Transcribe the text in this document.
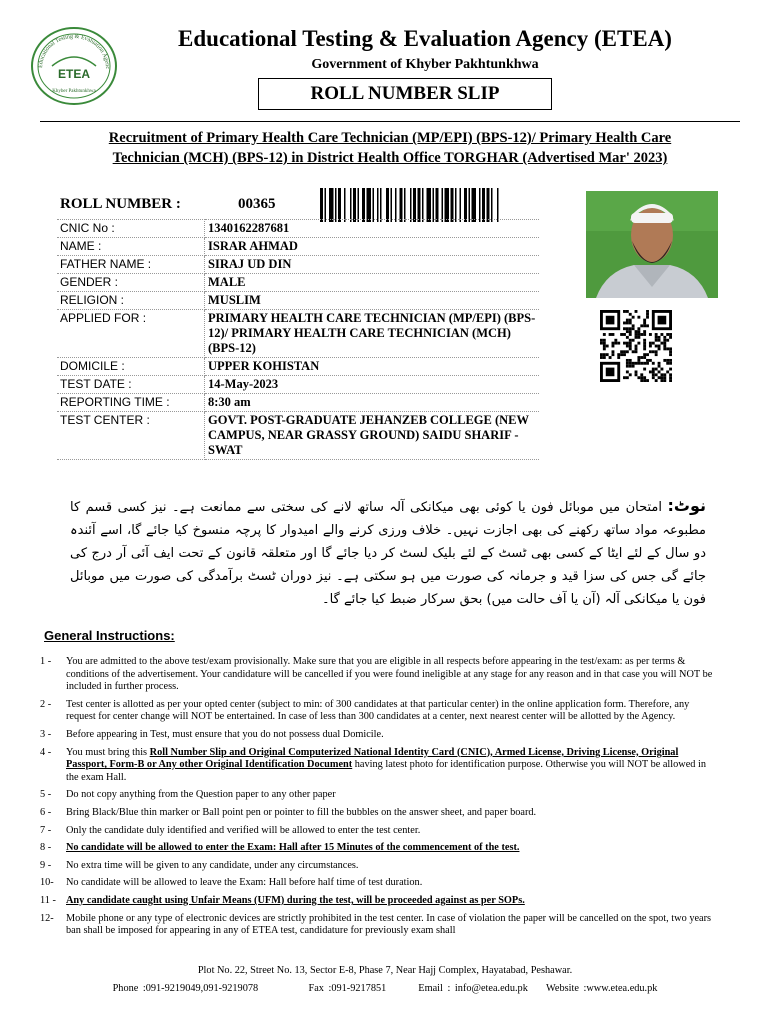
Educational Testing & Evaluation Agenc
ETEA
Khyber Pakhtunkhwa
Educational Testing & Evaluation Agency (ETEA)
Government of Khyber Pakhtunkhwa
ROLL NUMBER SLIP
Recruitment of Primary Health Care Technician (MP/EPI) (BPS-12)/ Primary Health Care
Technician (MCH) (BPS-12) in District Health Office TORGHAR (Advertised Mar' 2023)
ROLL NUMBER :	00365
CNIC No :	1340162287681
NAME :	ISRAR AHMAD
FATHER NAME :	SIRAJ UD DIN
GENDER :	MALE
RELIGION :	MUSLIM
APPLIED FOR :	PRIMARY HEALTH CARE TECHNICIAN (MP/EPI) (BPS-12)/ PRIMARY HEALTH CARE TECHNICIAN (MCH) (BPS-12)
DOMICILE :	UPPER KOHISTAN
TEST DATE :	14-May-2023
REPORTING TIME :	8:30 am
TEST CENTER :	GOVT. POST-GRADUATE JEHANZEB COLLEGE (NEW CAMPUS, NEAR GRASSY GROUND) SAIDU SHARIF - SWAT
نوٹ: امتحان میں موبائل فون یا کوئی بھی میکانکی آلہ ساتھ لانے کی سختی سے ممانعت ہے۔ نیز کسی قسم کا مطبوعہ مواد ساتھ رکھنے کی بھی اجازت نہیں۔ خلاف ورزی کرنے والے امیدوار کا پرچہ منسوخ کیا جائے گا، اسے آئندہ دو سال کے لئے ایٹا کے کسی بھی ٹسٹ کے لئے بلیک لسٹ کر دیا جائے گا اور متعلقہ قانون کے تحت ایف آئی آر درج کی جائے گی جس کی سزا قید و جرمانہ کی صورت میں ہو سکتی ہے۔ نیز دوران ٹسٹ برآمدگی کی صورت میں موبائل فون یا میکانکی آلہ (آن یا آف حالت میں) بحق سرکار ضبط کیا جائے گا۔
General Instructions:
1 - You are admitted to the above test/exam provisionally. Make sure that you are eligible in all respects before appearing in the test/exam: as per terms & conditions of the advertisement. Your candidature will be cancelled if you were found ineligible at any stage for any reason and in that case you will NOT be included in further process.
2 - Test center is allotted as per your opted center (subject to min: of 300 candidates at that particular center) in the online application form. Therefore, any request for center change will NOT be entertained. In case of less than 300 candidates at a center, next nearest center will be allotted by the Agency.
3 - Before appearing in Test, must ensure that you do not possess dual Domicile.
4 - You must bring this Roll Number Slip and Original Computerized National Identity Card (CNIC), Armed License, Driving License, Original Passport, Form-B or Any other Original Identification Document having latest photo for identification purpose. Otherwise you will NOT be allowed in the exam Hall.
5 - Do not copy anything from the Question paper to any other paper
6 - Bring Black/Blue thin marker or Ball point pen or pointer to fill the bubbles on the answer sheet, and paper board.
7 - Only the candidate duly identified and verified will be allowed to enter the test center.
8 - No candidate will be allowed to enter the Exam: Hall after 15 Minutes of the commencement of the test.
9 - No extra time will be given to any candidate, under any circumstances.
10- No candidate will be allowed to leave the Exam: Hall before half time of test duration.
11 - Any candidate caught using Unfair Means (UFM) during the test, will be proceeded against as per SOPs.
12- Mobile phone or any type of electronic devices are strictly prohibited in the test center. In case of violation the paper will be cancelled on the spot, two years ban shall be imposed for appearing in any of ETEA test, candidature for previously exam shall
Plot No. 22, Street No. 13, Sector E-8, Phase 7, Near Hajj Complex, Hayatabad, Peshawar.
Phone :091-9219049,091-9219078	Fax :091-9217851	Email : info@etea.edu.pk Website :www.etea.edu.pk
